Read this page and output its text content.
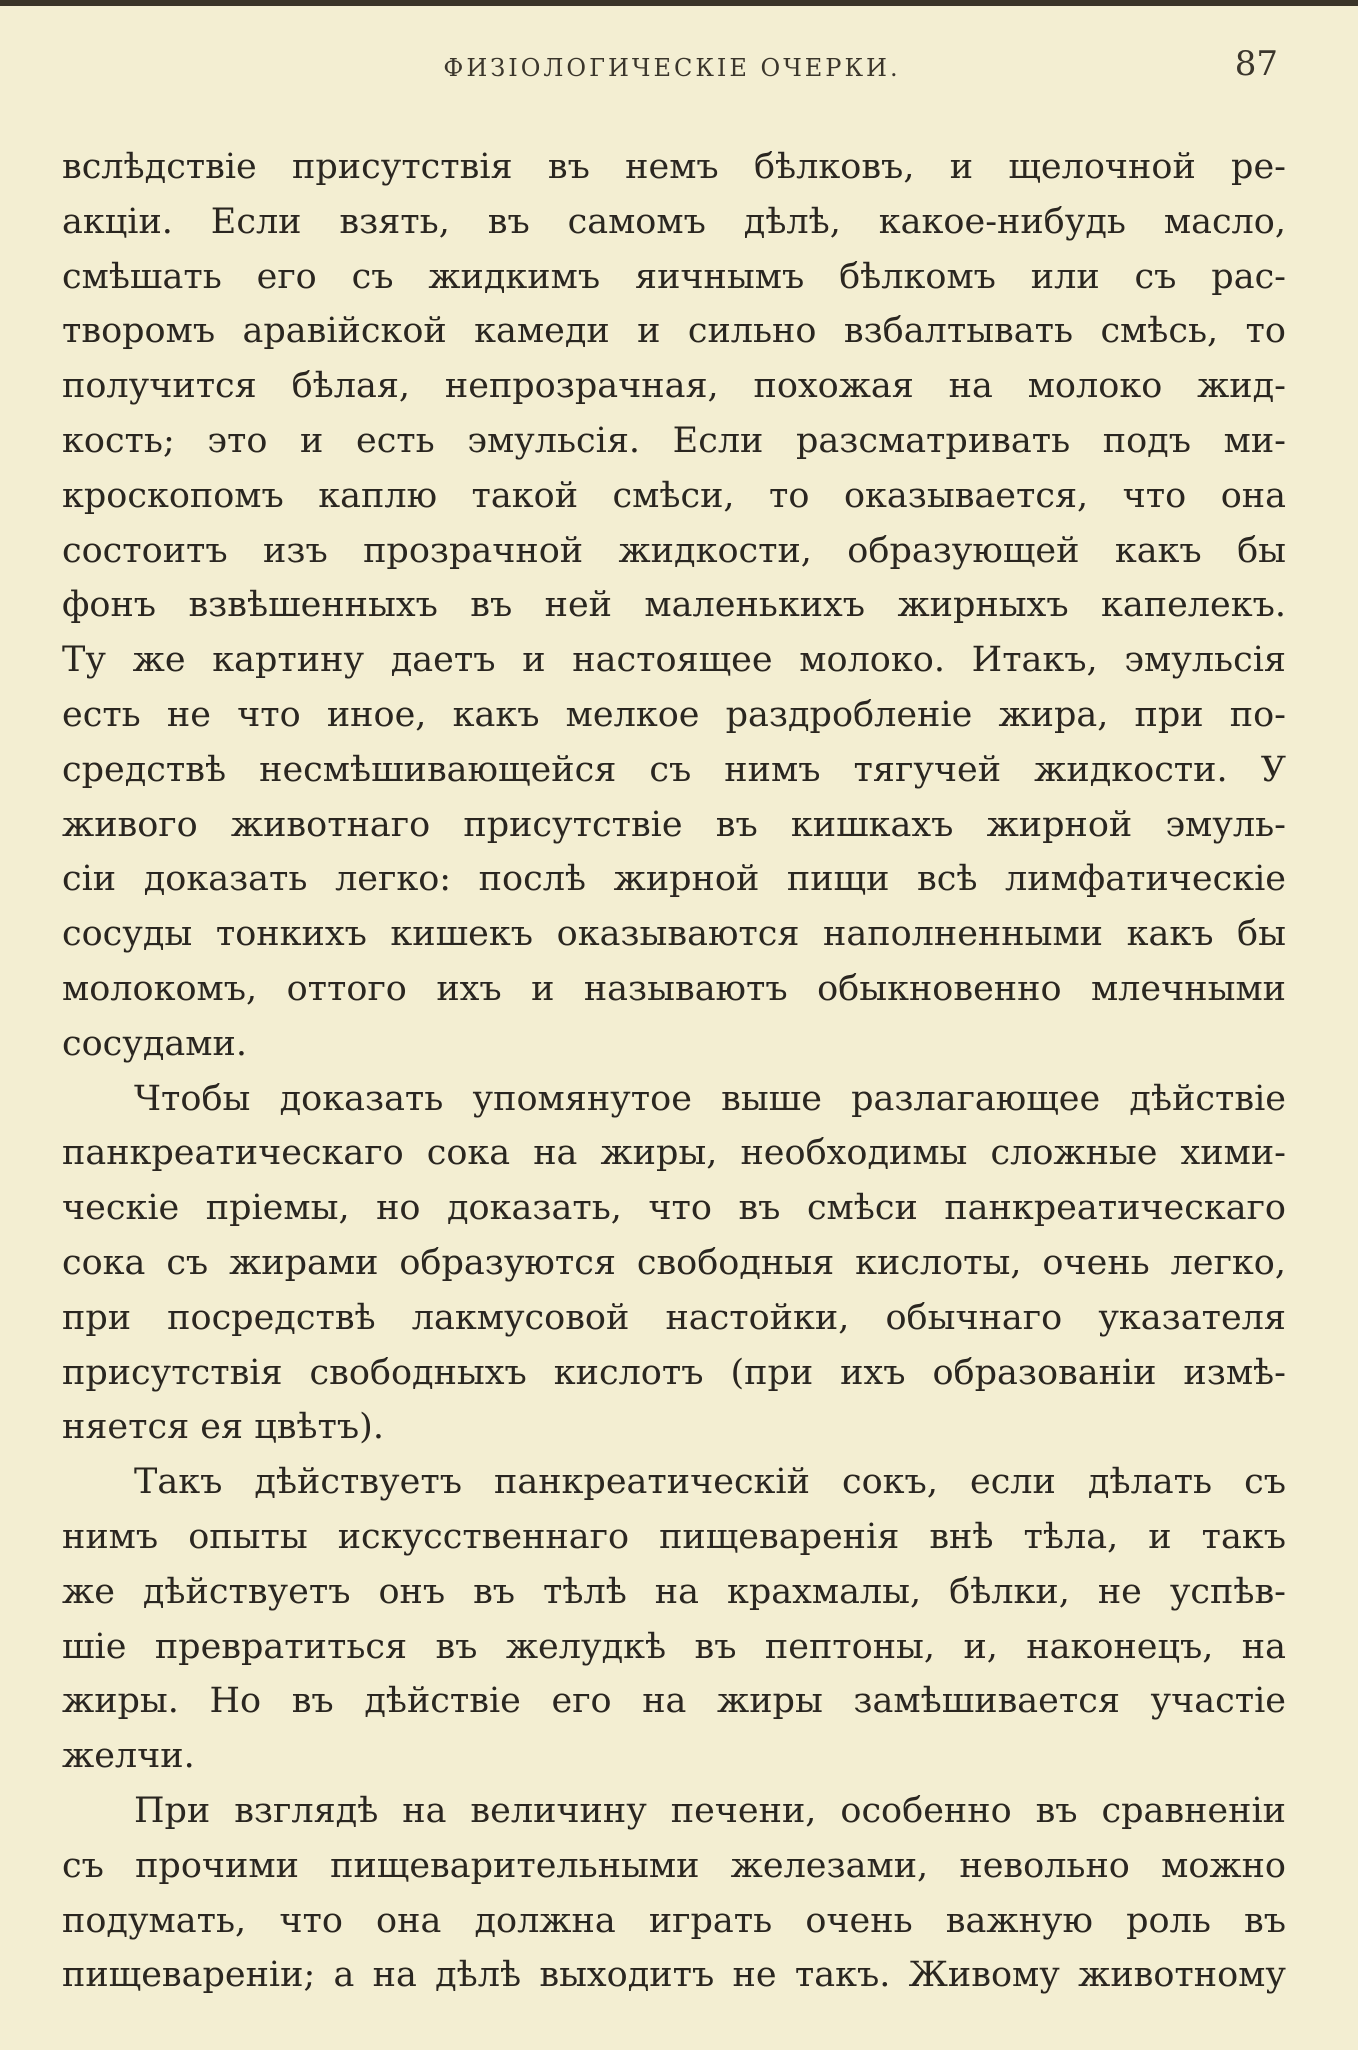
ФИЗІОЛОГИЧЕСКІЕ ОЧЕРКИ.	87
вслѣдствіе присутствія въ немъ бѣлковъ, и щелочной ре-
акціи. Если взять, въ самомъ дѣлѣ, какое-нибудь масло,
смѣшать его съ жидкимъ яичнымъ бѣлкомъ или съ рас-
творомъ аравійской камеди и сильно взбалтывать смѣсь, то
получится бѣлая, непрозрачная, похожая на молоко жид-
кость; это и есть эмульсія. Если разсматривать подъ ми-
кроскопомъ каплю такой смѣси, то оказывается, что она
состоитъ изъ прозрачной жидкости, образующей какъ бы
фонъ взвѣшенныхъ въ ней маленькихъ жирныхъ капелекъ.
Ту же картину даетъ и настоящее молоко. Итакъ, эмульсія
есть не что иное, какъ мелкое раздробленіе жира, при по-
средствѣ несмѣшивающейся съ нимъ тягучей жидкости. У
живого животнаго присутствіе въ кишкахъ жирной эмуль-
сіи доказать легко: послѣ жирной пищи всѣ лимфатическіе
сосуды тонкихъ кишекъ оказываются наполненными какъ бы
молокомъ, оттого ихъ и называютъ обыкновенно млечными
сосудами.
Чтобы доказать упомянутое выше разлагающее дѣйствіе
панкреатическаго сока на жиры, необходимы сложные хими-
ческіе пріемы, но доказать, что въ смѣси панкреатическаго
сока съ жирами образуются свободныя кислоты, очень легко,
при посредствѣ лакмусовой настойки, обычнаго указателя
присутствія свободныхъ кислотъ (при ихъ образованіи измѣ-
няется ея цвѣтъ).
Такъ дѣйствуетъ панкреатическій сокъ, если дѣлать съ
нимъ опыты искусственнаго пищеваренія внѣ тѣла, и такъ
же дѣйствуетъ онъ въ тѣлѣ на крахмалы, бѣлки, не успѣв-
шіе превратиться въ желудкѣ въ пептоны, и, наконецъ, на
жиры. Но въ дѣйствіе его на жиры замѣшивается участіе
желчи.
При взглядѣ на величину печени, особенно въ сравненіи
съ прочими пищеварительными железами, невольно можно
подумать, что она должна играть очень важную роль въ
пищевареніи; а на дѣлѣ выходитъ не такъ. Живому животному
